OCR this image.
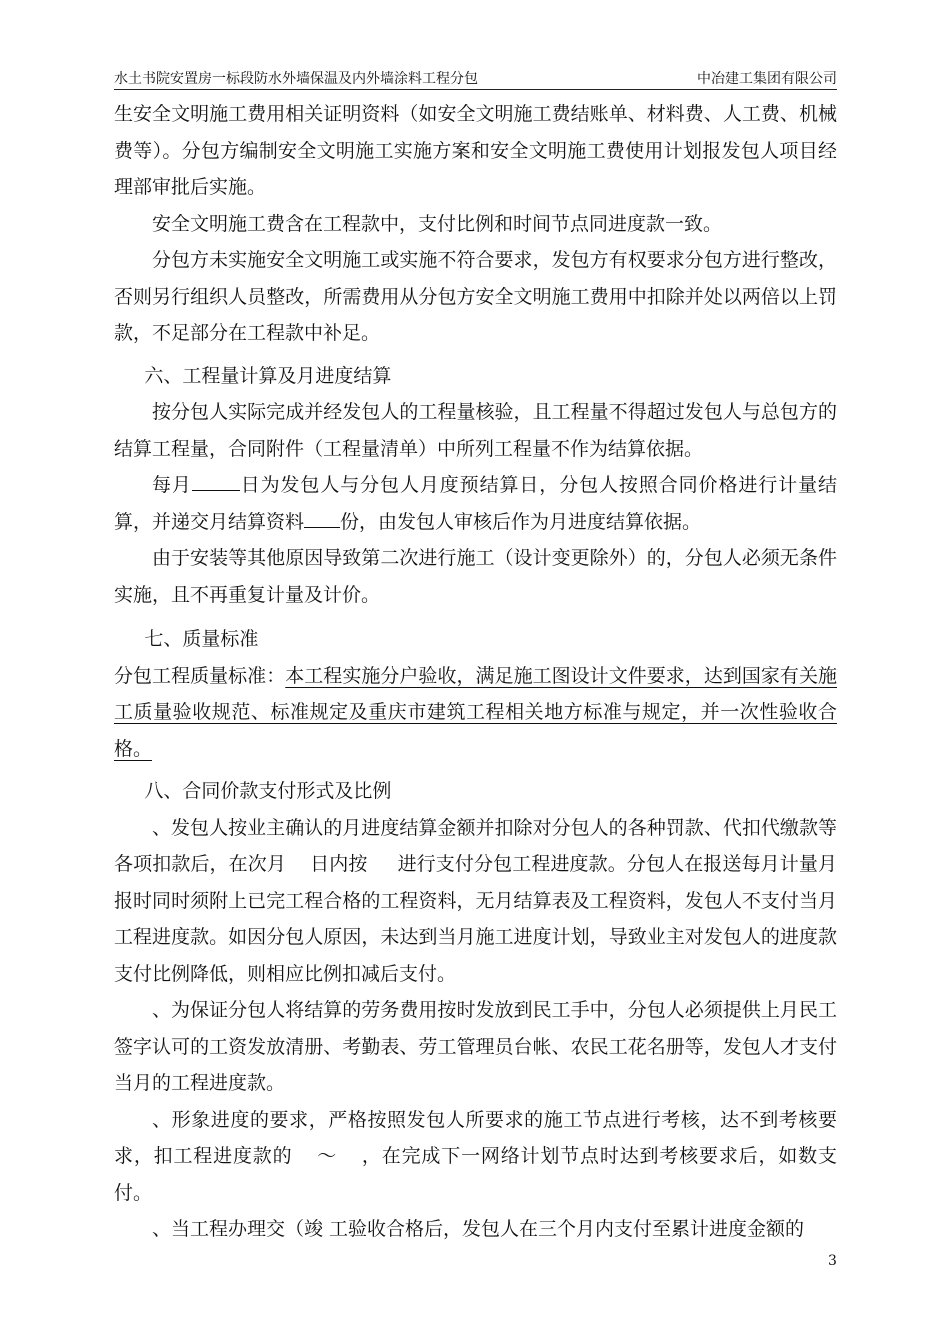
水土书院安置房一标段防水外墙保温及内外墙涂料工程分包	中冶建工集团有限公司

生安全文明施工费用相关证明资料（如安全文明施工费结账单、材料费、人工费、机械费等）。分包方编制安全文明施工实施方案和安全文明施工费使用计划报发包人项目经理部审批后实施。

安全文明施工费含在工程款中，支付比例和时间节点同进度款一致。

分包方未实施安全文明施工或实施不符合要求，发包方有权要求分包方进行整改，否则另行组织人员整改，所需费用从分包方安全文明施工费用中扣除并处以两倍以上罚款，不足部分在工程款中补足。

六、工程量计算及月进度结算

按分包人实际完成并经发包人的工程量核验，且工程量不得超过发包人与总包方的结算工程量，合同附件（工程量清单）中所列工程量不作为结算依据。

每月	日为发包人与分包人月度预结算日，分包人按照合同价格进行计量结算，并递交月结算资料 份，由发包人审核后作为月进度结算依据。

由于安装等其他原因导致第二次进行施工（设计变更除外）的，分包人必须无条件实施，且不再重复计量及计价。

七、质量标准

分包工程质量标准：本工程实施分户验收，满足施工图设计文件要求，达到国家有关施工质量验收规范、标准规定及重庆市建筑工程相关地方标准与规定，并一次性验收合格。

八、合同价款支付形式及比例

、发包人按业主确认的月进度结算金额并扣除对分包人的各种罚款、代扣代缴款等各项扣款后，在次月 日内按 进行支付分包工程进度款。分包人在报送每月计量月报时同时须附上已完工程合格的工程资料，无月结算表及工程资料，发包人不支付当月工程进度款。如因分包人原因，未达到当月施工进度计划，导致业主对发包人的进度款支付比例降低，则相应比例扣减后支付。

、为保证分包人将结算的劳务费用按时发放到民工手中，分包人必须提供上月民工签字认可的工资发放清册、考勤表、劳工管理员台帐、农民工花名册等，发包人才支付当月的工程进度款。

、形象进度的要求，严格按照发包人所要求的施工节点进行考核，达不到考核要求，扣工程进度款的 ～ ，在完成下一网络计划节点时达到考核要求后，如数支付。

、当工程办理交（竣 工验收合格后，发包人在三个月内支付至累计进度金额的

3
